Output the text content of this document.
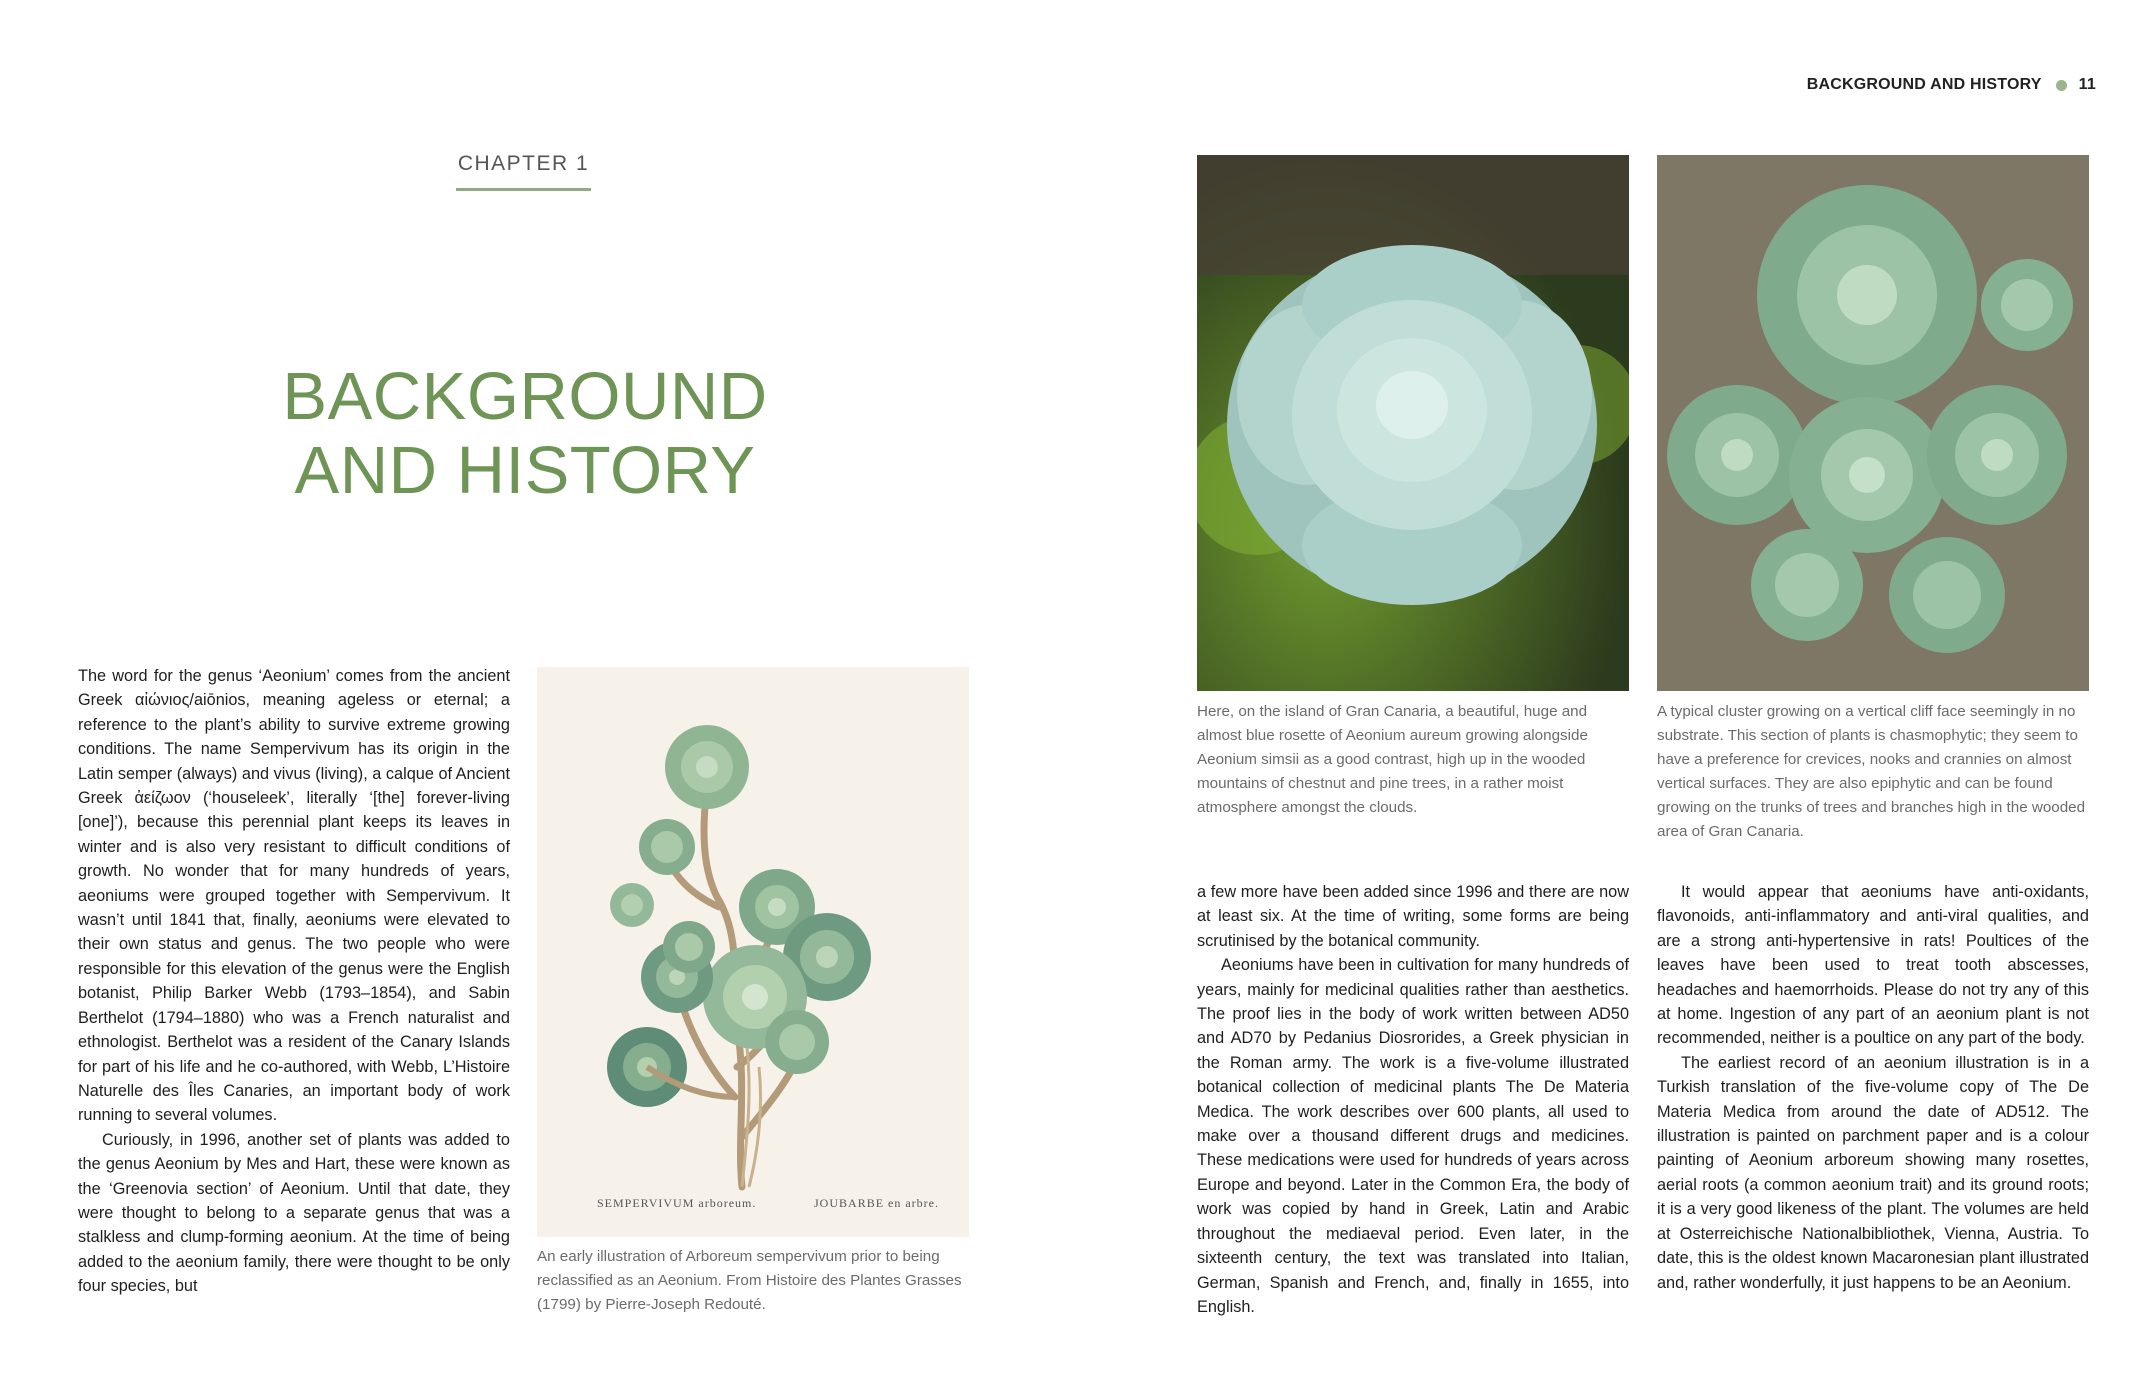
CHAPTER 1
BACKGROUND
AND HISTORY

The word for the genus ‘Aeonium’ comes from the ancient Greek αἰώνιος/aiōnios, meaning ageless or eternal; a reference to the plant’s ability to survive extreme growing conditions. The name Sempervivum has its origin in the Latin semper (always) and vivus (living), a calque of Ancient Greek ἀείζωον (‘houseleek’, literally ‘[the] forever-living [one]’), because this perennial plant keeps its leaves in winter and is also very resistant to difficult conditions of growth. No wonder that for many hundreds of years, aeoniums were grouped together with Sempervivum. It wasn’t until 1841 that, finally, aeoniums were elevated to their own status and genus. The two people who were responsible for this elevation of the genus were the English botanist, Philip Barker Webb (1793–1854), and Sabin Berthelot (1794–1880) who was a French naturalist and ethnologist. Berthelot was a resident of the Canary Islands for part of his life and he co-authored, with Webb, L’Histoire Naturelle des Îles Canaries, an important body of work running to several volumes.

Curiously, in 1996, another set of plants was added to the genus Aeonium by Mes and Hart, these were known as the ‘Greenovia section’ of Aeonium. Until that date, they were thought to belong to a separate genus that was a stalkless and clump-forming aeonium. At the time of being added to the aeonium family, there were thought to be only four species, but

SEMPERVIVUM arboreum.	JOUBARBE en arbre.
An early illustration of Arboreum sempervivum prior to being reclassified as an Aeonium. From Histoire des Plantes Grasses (1799) by Pierre-Joseph Redouté.
BACKGROUND AND HISTORY 11
Here, on the island of Gran Canaria, a beautiful, huge and almost blue rosette of Aeonium aureum growing alongside Aeonium simsii as a good contrast, high up in the wooded mountains of chestnut and pine trees, in a rather moist atmosphere amongst the clouds.
A typical cluster growing on a vertical cliff face seemingly in no substrate. This section of plants is chasmophytic; they seem to have a preference for crevices, nooks and crannies on almost vertical surfaces. They are also epiphytic and can be found growing on the trunks of trees and branches high in the wooded area of Gran Canaria.

a few more have been added since 1996 and there are now at least six. At the time of writing, some forms are being scrutinised by the botanical community.

Aeoniums have been in cultivation for many hundreds of years, mainly for medicinal qualities rather than aesthetics. The proof lies in the body of work written between AD50 and AD70 by Pedanius Diosrorides, a Greek physician in the Roman army. The work is a five-volume illustrated botanical collection of medicinal plants The De Materia Medica. The work describes over 600 plants, all used to make over a thousand different drugs and medicines. These medications were used for hundreds of years across Europe and beyond. Later in the Common Era, the body of work was copied by hand in Greek, Latin and Arabic throughout the mediaeval period. Even later, in the sixteenth century, the text was translated into Italian, German, Spanish and French, and, finally in 1655, into English.

It would appear that aeoniums have anti-oxidants, flavonoids, anti-inflammatory and anti-viral qualities, and are a strong anti-hypertensive in rats! Poultices of the leaves have been used to treat tooth abscesses, headaches and haemorrhoids. Please do not try any of this at home. Ingestion of any part of an aeonium plant is not recommended, neither is a poultice on any part of the body.

The earliest record of an aeonium illustration is in a Turkish translation of the five-volume copy of The De Materia Medica from around the date of AD512. The illustration is painted on parchment paper and is a colour painting of Aeonium arboreum showing many rosettes, aerial roots (a common aeonium trait) and its ground roots; it is a very good likeness of the plant. The volumes are held at Osterreichische Nationalbibliothek, Vienna, Austria. To date, this is the oldest known Macaronesian plant illustrated and, rather wonderfully, it just happens to be an Aeonium.
